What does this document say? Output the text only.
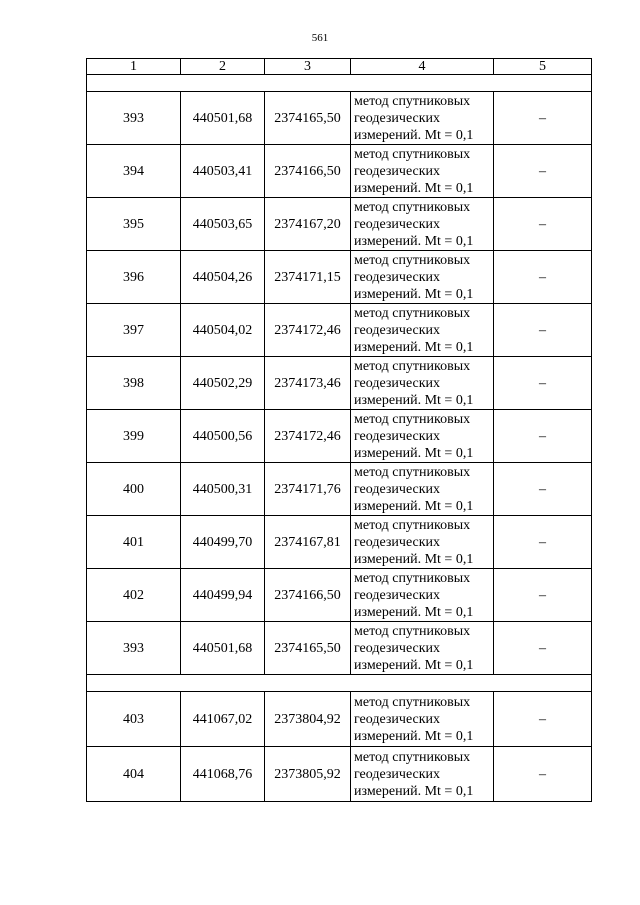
561
1	2	3	4	5

393	440501,68	2374165,50	метод спутниковых
геодезических
измерений. Mt = 0,1	–
394	440503,41	2374166,50	метод спутниковых
геодезических
измерений. Mt = 0,1	–
395	440503,65	2374167,20	метод спутниковых
геодезических
измерений. Mt = 0,1	–
396	440504,26	2374171,15	метод спутниковых
геодезических
измерений. Mt = 0,1	–
397	440504,02	2374172,46	метод спутниковых
геодезических
измерений. Mt = 0,1	–
398	440502,29	2374173,46	метод спутниковых
геодезических
измерений. Mt = 0,1	–
399	440500,56	2374172,46	метод спутниковых
геодезических
измерений. Mt = 0,1	–
400	440500,31	2374171,76	метод спутниковых
геодезических
измерений. Mt = 0,1	–
401	440499,70	2374167,81	метод спутниковых
геодезических
измерений. Mt = 0,1	–
402	440499,94	2374166,50	метод спутниковых
геодезических
измерений. Mt = 0,1	–
393	440501,68	2374165,50	метод спутниковых
геодезических
измерений. Mt = 0,1	–

403	441067,02	2373804,92	метод спутниковых
геодезических
измерений. Mt = 0,1	–
404	441068,76	2373805,92	метод спутниковых
геодезических
измерений. Mt = 0,1	–
